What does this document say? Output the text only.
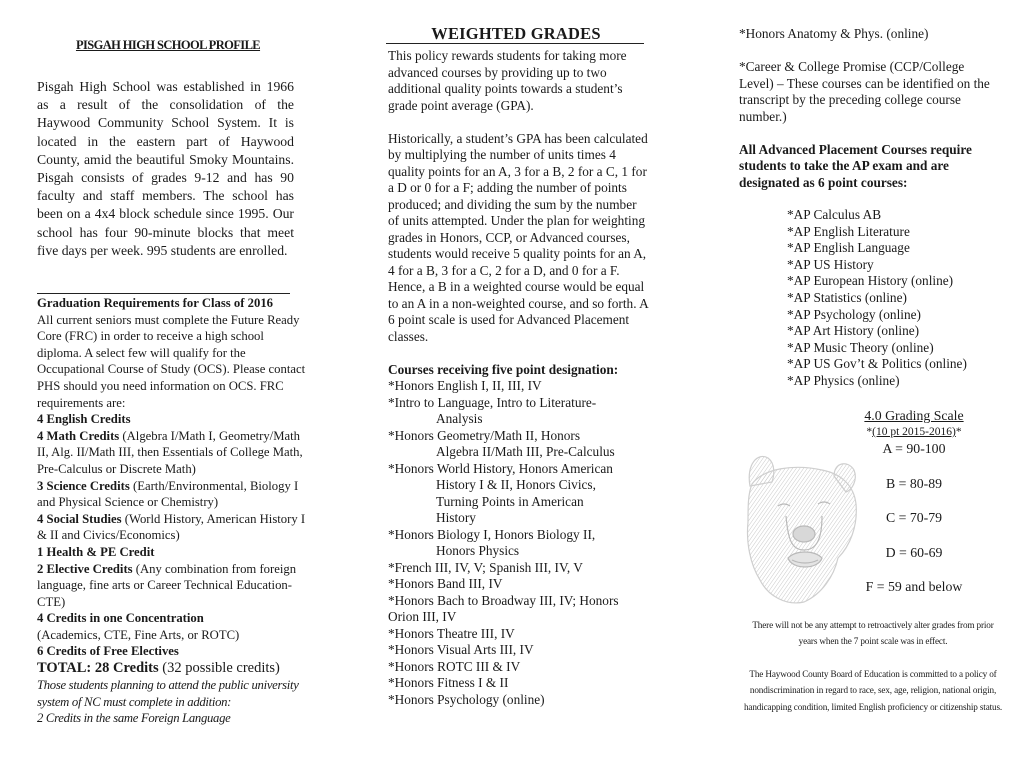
PISGAH HIGH SCHOOL PROFILE
Pisgah High School was established in 1966 as a result of the consolidation of the Haywood Community School System. It is located in the eastern part of Haywood County, amid the beautiful Smoky Mountains. Pisgah consists of grades 9-12 and has 90 faculty and staff members. The school has been on a 4x4 block schedule since 1995. Our school has four 90-minute blocks that meet five days per week. 995 students are enrolled.

Graduation Requirements for Class of 2016

All current seniors must complete the Future Ready Core (FRC) in order to receive a high school diploma. A select few will qualify for the Occupational Course of Study (OCS). Please contact PHS should you need information on OCS. FRC requirements are:

4 English Credits

4 Math Credits (Algebra I/Math I, Geometry/Math II, Alg. II/Math III, then Essentials of College Math, Pre-Calculus or Discrete Math)

3 Science Credits (Earth/Environmental, Biology I and Physical Science or Chemistry)

4 Social Studies (World History, American History I & II and Civics/Economics)

1 Health & PE Credit

2 Elective Credits (Any combination from foreign language, fine arts or Career Technical Education-CTE)

4 Credits in one Concentration

(Academics, CTE, Fine Arts, or ROTC)

6 Credits of Free Electives

TOTAL: 28 Credits (32 possible credits)

Those students planning to attend the public university system of NC must complete in addition:

2 Credits in the same Foreign Language

WEIGHTED GRADES

This policy rewards students for taking more advanced courses by providing up to two additional quality points towards a student’s grade point average (GPA).

Historically, a student’s GPA has been calculated by multiplying the number of units times 4 quality points for an A, 3 for a B, 2 for a C, 1 for a D or 0 for a F; adding the number of points produced; and dividing the sum by the number of units attempted. Under the plan for weighting grades in Honors, CCP, or Advanced courses, students would receive 5 quality points for an A, 4 for a B, 3 for a C, 2 for a D, and 0 for a F. Hence, a B in a weighted course would be equal to an A in a non-weighted course, and so forth. A 6 point scale is used for Advanced Placement classes.

Courses receiving five point designation:
*Honors English I, II, III, IV
*Intro to Language, Intro to Literature-
Analysis
*Honors Geometry/Math II, Honors
Algebra II/Math III, Pre-Calculus
*Honors World History, Honors American
History I & II, Honors Civics, Turning Points in American History
*Honors Biology I, Honors Biology II,
Honors Physics
*French III, IV, V; Spanish III, IV, V
*Honors Band III, IV
*Honors Bach to Broadway III, IV; Honors Orion III, IV
*Honors Theatre III, IV
*Honors Visual Arts III, IV
*Honors ROTC III & IV
*Honors Fitness I & II
*Honors Psychology (online)

*Honors Anatomy & Phys. (online)

*Career & College Promise (CCP/College Level) – These courses can be identified on the transcript by the preceding college course number.)

All Advanced Placement Courses require students to take the AP exam and are designated as 6 point courses:
*AP Calculus AB
*AP English Literature
*AP English Language
*AP US History
*AP European History (online)
*AP Statistics (online)
*AP Psychology (online)
*AP Art History (online)
*AP Music Theory (online)
*AP US Gov’t & Politics (online)
*AP Physics (online)
4.0 Grading Scale
*(10 pt 2015-2016)*
A = 90-100
B = 80-89
C = 70-79
D = 60-69
F = 59 and below
There will not be any attempt to retroactively alter grades from prior years when the 7 point scale was in effect.
The Haywood County Board of Education is committed to a policy of nondiscrimination in regard to race, sex, age, religion, national origin, handicapping condition, limited English proficiency or citizenship status.
